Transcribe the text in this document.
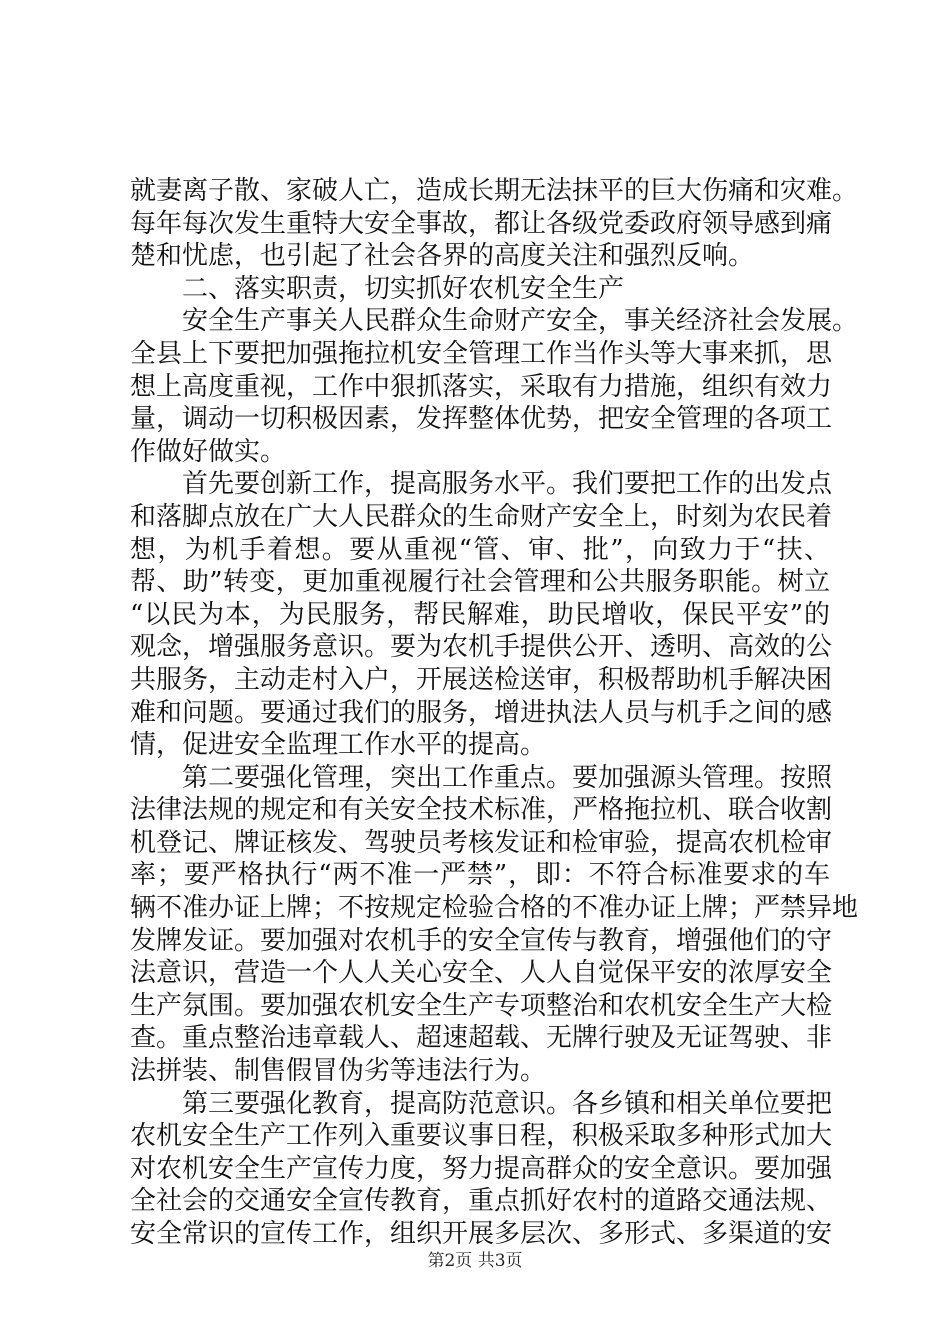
就妻离子散、家破人亡，造成长期无法抹平的巨大伤痛和灾难。
每年每次发生重特大安全事故，都让各级党委政府领导感到痛
楚和忧虑，也引起了社会各界的高度关注和强烈反响。
二、落实职责，切实抓好农机安全生产
安全生产事关人民群众生命财产安全，事关经济社会发展。
全县上下要把加强拖拉机安全管理工作当作头等大事来抓，思
想上高度重视，工作中狠抓落实，采取有力措施，组织有效力
量，调动一切积极因素，发挥整体优势，把安全管理的各项工
作做好做实。
首先要创新工作，提高服务水平。我们要把工作的出发点
和落脚点放在广大人民群众的生命财产安全上，时刻为农民着
想，为机手着想。要从重视“管、审、批”，向致力于“扶、
帮、助”转变，更加重视履行社会管理和公共服务职能。树立
“以民为本，为民服务，帮民解难，助民增收，保民平安”的
观念，增强服务意识。要为农机手提供公开、透明、高效的公
共服务，主动走村入户，开展送检送审，积极帮助机手解决困
难和问题。要通过我们的服务，增进执法人员与机手之间的感
情，促进安全监理工作水平的提高。
第二要强化管理，突出工作重点。要加强源头管理。按照
法律法规的规定和有关安全技术标准，严格拖拉机、联合收割
机登记、牌证核发、驾驶员考核发证和检审验，提高农机检审
率；要严格执行“两不准一严禁”，即：不符合标准要求的车
辆不准办证上牌；不按规定检验合格的不准办证上牌；严禁异地
发牌发证。要加强对农机手的安全宣传与教育，增强他们的守
法意识，营造一个人人关心安全、人人自觉保平安的浓厚安全
生产氛围。要加强农机安全生产专项整治和农机安全生产大检
查。重点整治违章载人、超速超载、无牌行驶及无证驾驶、非
法拼装、制售假冒伪劣等违法行为。
第三要强化教育，提高防范意识。各乡镇和相关单位要把
农机安全生产工作列入重要议事日程，积极采取多种形式加大
对农机安全生产宣传力度，努力提高群众的安全意识。要加强
全社会的交通安全宣传教育，重点抓好农村的道路交通法规、
安全常识的宣传工作，组织开展多层次、多形式、多渠道的安
第2页 共3页
